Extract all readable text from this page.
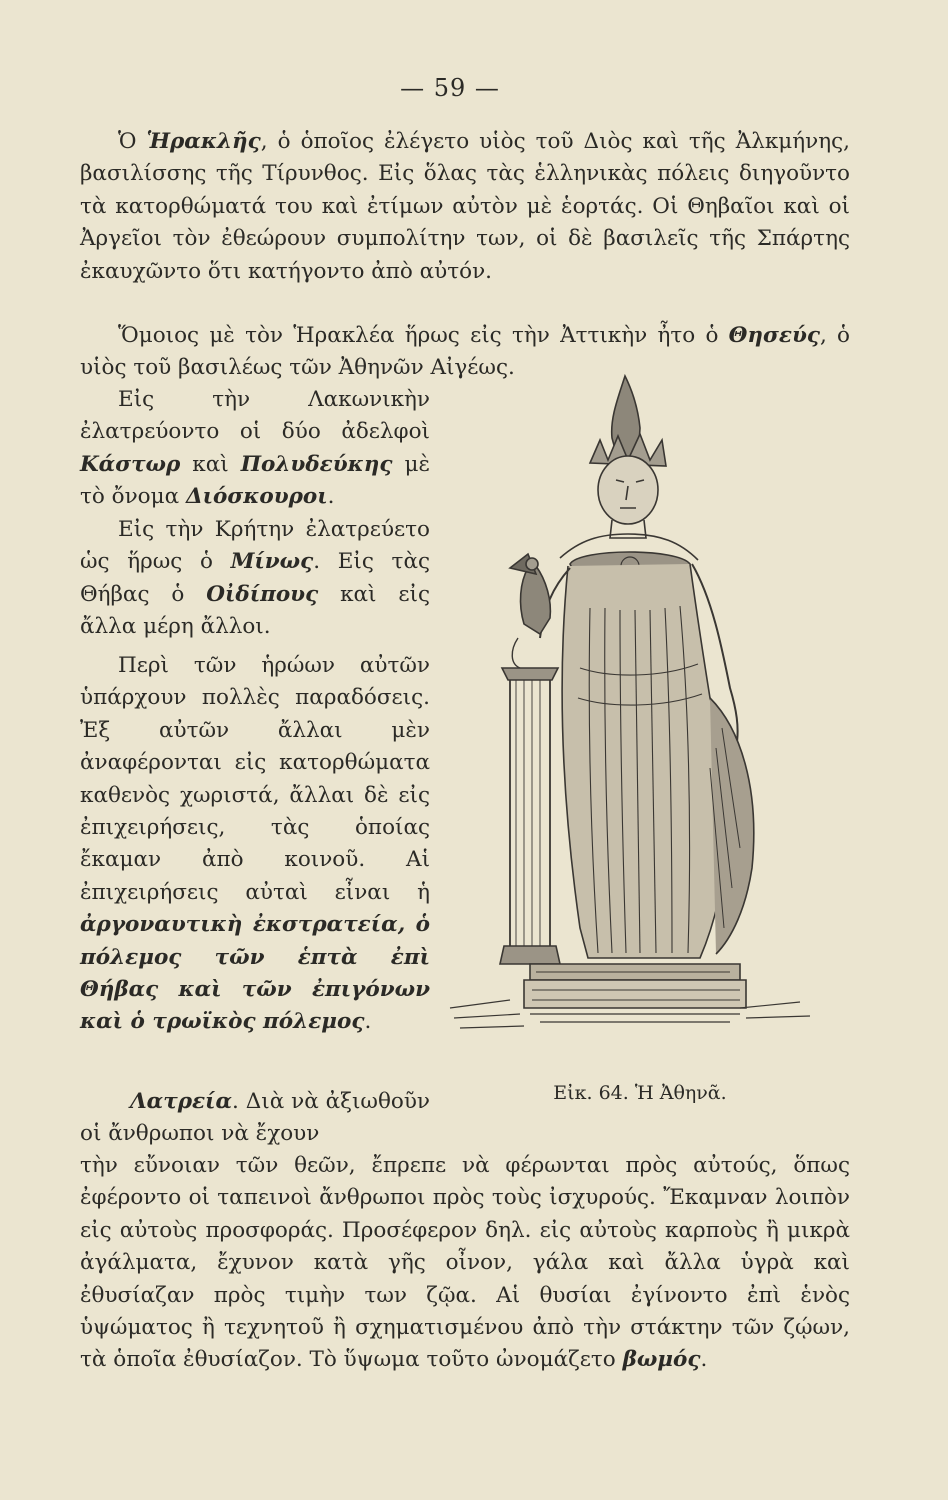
— 59 —
Ὁ Ἡρακλῆς, ὁ ὁποῖος ἐλέγετο υἱὸς τοῦ Διὸς καὶ τῆς Ἀλκμήνης, βασιλίσσης τῆς Τίρυνθος. Εἰς ὅλας τὰς ἑλληνικὰς πόλεις διηγοῦντο τὰ κατορθώματά του καὶ ἐτίμων αὐτὸν μὲ ἑορτάς. Οἱ Θηβαῖοι καὶ οἱ Ἀργεῖοι τὸν ἐθεώρουν συμπολίτην των, οἱ δὲ βασιλεῖς τῆς Σπάρτης ἐκαυχῶντο ὅτι κατήγοντο ἀπὸ αὐτόν.
Ὅμοιος μὲ τὸν Ἡρακλέα ἥρως εἰς τὴν Ἀττικὴν ἦτο ὁ Θησεύς, ὁ υἱὸς τοῦ βασιλέως τῶν Ἀθηνῶν Αἰγέως.
Εἰς τὴν Λακωνικὴν ἐλατρεύοντο οἱ δύο ἀδελφοὶ Κάστωρ καὶ Πολυδεύκης μὲ τὸ ὄνομα Διόσκουροι.
Εἰς τὴν Κρήτην ἐλατρεύετο ὡς ἥρως ὁ Μίνως. Εἰς τὰς Θήβας ὁ Οἰδίπους καὶ εἰς ἄλλα μέρη ἄλλοι.
Περὶ τῶν ἡρώων αὐτῶν ὑπάρχουν πολλὲς παραδόσεις. Ἐξ αὐτῶν ἄλλαι μὲν ἀναφέρονται εἰς κατορθώματα καθενὸς χωριστά, ἄλλαι δὲ εἰς ἐπιχειρήσεις, τὰς ὁποίας ἔκαμαν ἀπὸ κοινοῦ. Αἱ ἐπιχειρήσεις αὐταὶ εἶναι ἡ ἀργοναυτικὴ ἐκστρατεία, ὁ πόλεμος τῶν ἑπτὰ ἐπὶ Θήβας καὶ τῶν ἐπιγόνων καὶ ὁ τρωϊκὸς πόλεμος.
Λατρεία. Διὰ νὰ ἀξιωθοῦν οἱ ἄνθρωποι νὰ ἔχουν
τὴν εὔνοιαν τῶν θεῶν, ἔπρεπε νὰ φέρωνται πρὸς αὐτούς, ὅπως ἐφέροντο οἱ ταπεινοὶ ἄνθρωποι πρὸς τοὺς ἰσχυρούς. Ἔκαμναν λοιπὸν εἰς αὐτοὺς προσφοράς. Προσέφερον δηλ. εἰς αὐτοὺς καρποὺς ἢ μικρὰ ἀγάλματα, ἔχυνον κατὰ γῆς οἶνον, γάλα καὶ ἄλλα ὑγρὰ καὶ ἐθυσίαζαν πρὸς τιμὴν των ζῷα. Αἱ θυσίαι ἐγίνοντο ἐπὶ ἑνὸς ὑψώματος ἢ τεχνητοῦ ἢ σχηματισμένου ἀπὸ τὴν στάκτην τῶν ζῴων, τὰ ὁποῖα ἐθυσίαζον. Τὸ ὕψωμα τοῦτο ὠνομάζετο βωμός.
Εἰκ. 64. Ἡ Ἀθηνᾶ.
